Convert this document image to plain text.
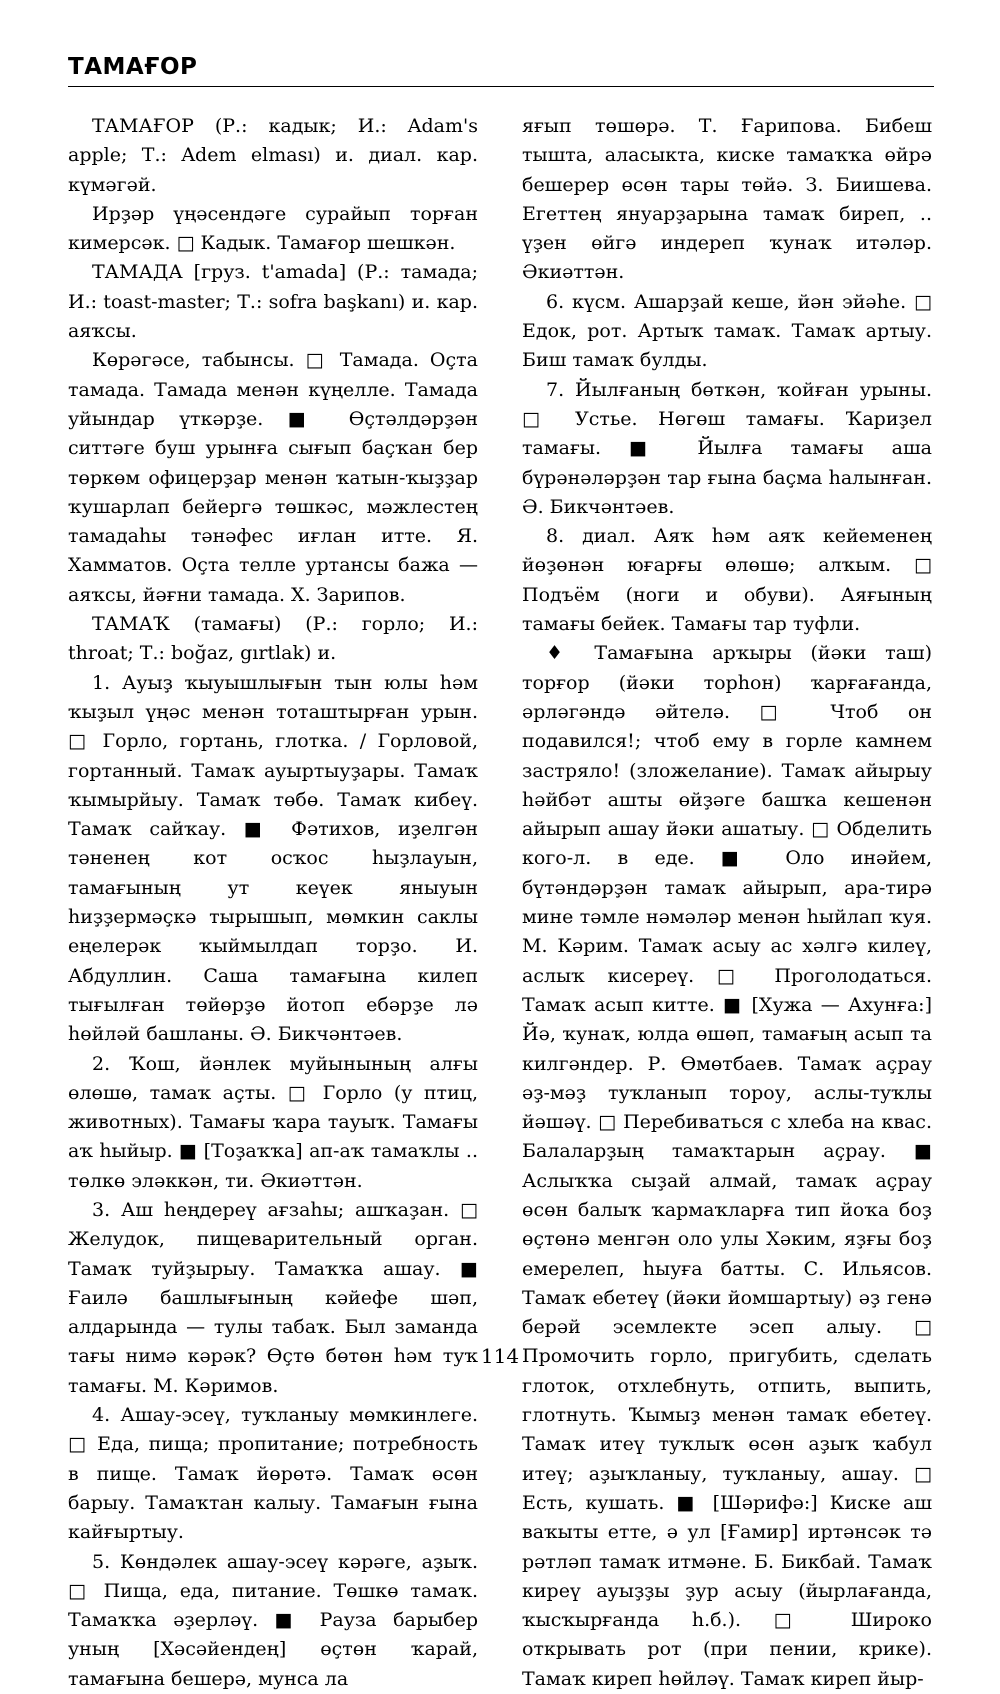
ТАМАҒОР

ТАМАҒОР (Р.: кадык; И.: Adam's apple; Т.: Adem elması) и. диал. кар. күмәгәй.

Ирҙәр үңәсендәге сурайып торған кимерсәк. □ Кадык. Тамағор шешкән.

ТАМАДА [груз. t'amada] (Р.: тамада; И.: toast-master; Т.: sofra başkanı) и. кар. аяҡсы.

Көрәгәсе, табынсы. □ Тамада. Оҫта тамада. Тамада менән күңелле. Тамада уйындар үткәрҙе. ■ Өҫтәлдәрҙән ситтәге буш урынға сығып баҫҡан бер төркөм офицерҙар менән ҡатын-ҡыҙҙар ҡушарлап бейергә төшкәс, мәжлестең тамадаһы тәнәфес иғлан итте. Я. Хамматов. Оҫта телле уртансы бажа — аяҡсы, йәғни тамада. Х. Зарипов.

ТАМАҠ (тамағы) (Р.: горло; И.: throat; Т.: boğaz, gırtlak) и.

1. Ауыҙ ҡыуышлығын тын юлы һәм ҡыҙыл үңәс менән тоташтырған урын. □ Горло, гортань, глотка. / Горловой, гортанный. Тамаҡ ауыртыуҙары. Тамаҡ ҡымырйыу. Тамаҡ төбө. Тамаҡ кибеү. Тамаҡ сайҡау. ■ Фәтихов, иҙелгән тәненең кот осҡос һыҙлауын, тамағының ут кеүек яныуын һиҙҙермәҫкә тырышып, мөмкин саклы еңелерәк ҡыймылдап торҙо. И. Абдуллин. Саша тамағына килеп тығылған төйөрҙө йотоп ебәрҙе лә һөйләй башланы. Ә. Бикчәнтәев.

2. Ҡош, йәнлек муйынының алғы өлөшө, тамаҡ аҫты. □ Горло (у птиц, животных). Тамағы ҡара тауыҡ. Тамағы аҡ һыйыр. ■ [Тоҙаҡҡа] ап-аҡ тамаҡлы .. төлкө эләккән, ти. Әкиәттән.

3. Аш һеңдереү ағзаһы; ашҡаҙан. □ Желудок, пищеварительный орган. Тамаҡ туйҙырыу. Тамаҡҡа ашау. ■ Ғаилә башлығының кәйефе шәп, алдарында — тулы табаҡ. Был заманда тағы нимә кәрәк? Өҫтө бөтөн һәм туҡ тамағы. М. Кәримов.

4. Ашау-эсеү, туҡланыу мөмкинлеге. □ Еда, пища; пропитание; потребность в пище. Тамаҡ йөрөтә. Тамаҡ өсөн барыу. Тамаҡтан калыу. Тамағын ғына кайғыртыу.

5. Көндәлек ашау-эсеү кәрәге, аҙыҡ. □ Пища, еда, питание. Төшкө тамаҡ. Тамаҡҡа әҙерләү. ■ Рауза барыбер уның [Хәсәйендең] өҫтөн ҡарай, тамағына бешерә, мунса ла

яғып төшөрә. Т. Ғарипова. Бибеш тышта, аласыкта, киске тамаҡҡа өйрә бешерер өсөн тары төйә. З. Биишева. Егеттең януарҙарына тамаҡ биреп, .. үҙен өйгә индереп ҡунаҡ итәләр. Әкиәттән.

6. күсм. Ашарҙай кеше, йән эйәһе. □ Едок, рот. Артыҡ тамаҡ. Тамаҡ артыу. Биш тамаҡ булды.

7. Йылғаның бөткән, ҡойған урыны. □ Устье. Нөгөш тамағы. Ҡариҙел тамағы. ■ Йылға тамағы аша бүрәнәләрҙән тар ғына баҫма һалынған. Ә. Бикчәнтәев.

8. диал. Аяҡ һәм аяҡ кейеменең йөҙөнән юғарғы өлөшө; алҡым. □ Подъём (ноги и обуви). Аяғының тамағы бейек. Тамағы тар туфли.

♦ Тамағына арҡыры (йәки таш) торғор (йәки торһон) ҡарғағанда, әрләгәндә әйтелә. □ Чтоб он подавился!; чтоб ему в горле камнем застряло! (зложелание). Тамаҡ айырыу һәйбәт ашты өйҙәге башҡа кешенән айырып ашау йәки ашатыу. □ Обделить кого-л. в еде. ■ Оло инәйем, бүтәндәрҙән тамаҡ айырып, ара-тирә мине тәмле нәмәләр менән һыйлап ҡуя. М. Кәрим. Тамаҡ асыу ас хәлгә килеү, аслыҡ кисереү. □ Проголодаться. Тамаҡ асып китте. ■ [Хужа — Ахунға:] Йә, ҡунаҡ, юлда өшөп, тамағың асып та килгәндер. Р. Өмөтбаев. Тамаҡ аҫрау әҙ-мәҙ туҡланып тороу, аслы-туҡлы йәшәү. □ Перебиваться с хлеба на квас. Балаларҙың тамаҡтарын аҫрау. ■ Аслыҡҡа сыҙай алмай, тамаҡ аҫрау өсөн балыҡ ҡармаҡларға тип йоҡа боҙ өҫтөнә менгән оло улы Хәким, яҙғы боҙ емерелеп, һыуға батты. С. Ильясов. Тамаҡ ебетеү (йәки йомшартыу) әҙ генә берәй эсемлекте эсеп алыу. □ Промочить горло, пригубить, сделать глоток, отхлебнуть, отпить, выпить, глотнуть. Ҡымыҙ менән тамаҡ ебетеү. Тамаҡ итеү туҡлыҡ өсөн аҙыҡ ҡабул итеү; аҙыҡланыу, туҡланыу, ашау. □ Есть, кушать. ■ [Шәрифә:] Киске аш ваҡыты етте, ә ул [Ғамир] иртәнсәк тә рәтләп тамаҡ итмәне. Б. Бикбай. Тамаҡ киреү ауыҙҙы ҙур асыу (йырлағанда, ҡысҡырғанда һ.б.). □ Широко открывать рот (при пении, крике). Тамаҡ киреп һөйләү. Тамаҡ киреп йыр-

114
